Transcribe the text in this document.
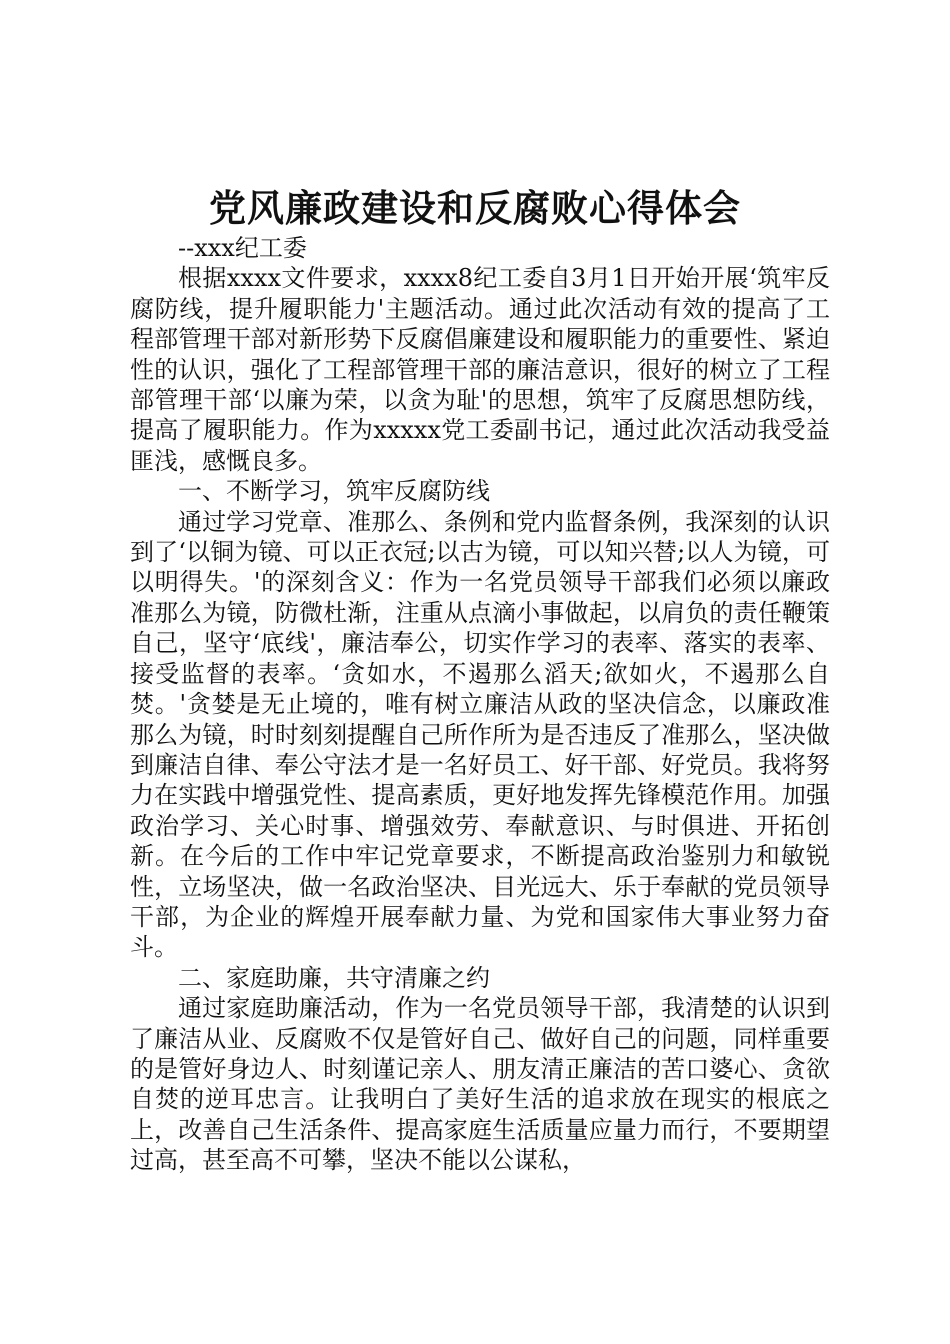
党风廉政建设和反腐败心得体会

--xxx纪工委

根据xxxx文件要求，xxxx8纪工委自3月1日开始开展‘筑牢反腐防线，提升履职能力'主题活动。通过此次活动有效的提高了工程部管理干部对新形势下反腐倡廉建设和履职能力的重要性、紧迫性的认识，强化了工程部管理干部的廉洁意识，很好的树立了工程部管理干部‘以廉为荣，以贪为耻'的思想，筑牢了反腐思想防线，提高了履职能力。作为xxxxx党工委副书记，通过此次活动我受益匪浅，感慨良多。

一、不断学习，筑牢反腐防线

通过学习党章、准那么、条例和党内监督条例，我深刻的认识到了‘以铜为镜、可以正衣冠;以古为镜，可以知兴替;以人为镜，可以明得失。'的深刻含义：作为一名党员领导干部我们必须以廉政准那么为镜，防微杜渐，注重从点滴小事做起，以肩负的责任鞭策自己，坚守‘底线'，廉洁奉公，切实作学习的表率、落实的表率、接受监督的表率。‘贪如水，不遏那么滔天;欲如火，不遏那么自焚。'贪婪是无止境的，唯有树立廉洁从政的坚决信念，以廉政准那么为镜，时时刻刻提醒自己所作所为是否违反了准那么，坚决做到廉洁自律、奉公守法才是一名好员工、好干部、好党员。我将努力在实践中增强党性、提高素质，更好地发挥先锋模范作用。加强政治学习、关心时事、增强效劳、奉献意识、与时俱进、开拓创新。在今后的工作中牢记党章要求，不断提高政治鉴别力和敏锐性，立场坚决，做一名政治坚决、目光远大、乐于奉献的党员领导干部，为企业的辉煌开展奉献力量、为党和国家伟大事业努力奋斗。

二、家庭助廉，共守清廉之约

通过家庭助廉活动，作为一名党员领导干部，我清楚的认识到了廉洁从业、反腐败不仅是管好自己、做好自己的问题，同样重要的是管好身边人、时刻谨记亲人、朋友清正廉洁的苦口婆心、贪欲自焚的逆耳忠言。让我明白了美好生活的追求放在现实的根底之上，改善自己生活条件、提高家庭生活质量应量力而行，不要期望过高，甚至高不可攀，坚决不能以公谋私，
